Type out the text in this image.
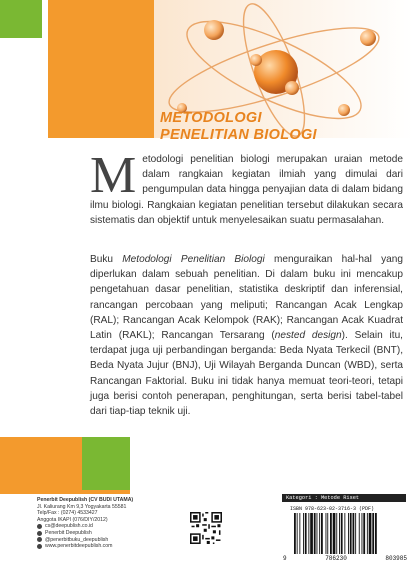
METODOLOGI
PENELITIAN BIOLOGI
Metodologi penelitian biologi merupakan uraian metode dalam rangkaian kegiatan ilmiah yang dimulai dari pengumpulan data hingga penyajian data di dalam bidang ilmu biologi. Rangkaian kegiatan penelitian tersebut dilakukan secara sistematis dan objektif untuk menyelesaikan suatu permasalahan.
Buku Metodologi Penelitian Biologi menguraikan hal-hal yang diperlukan dalam sebuah penelitian. Di dalam buku ini mencakup pengetahuan dasar penelitian, statistika deskriptif dan inferensial, rancangan percobaan yang meliputi; Rancangan Acak Lengkap (RAL); Rancangan Acak Kelompok (RAK); Rancangan Acak Kuadrat Latin (RAKL); Rancangan Tersarang (nested design). Selain itu, terdapat juga uji perbandingan berganda: Beda Nyata Terkecil (BNT), Beda Nyata Jujur (BNJ), Uji Wilayah Berganda Duncan (WBD), serta Rancangan Faktorial. Buku ini tidak hanya memuat teori-teori, tetapi juga berisi contoh penerapan, penghitungan, serta berisi tabel-tabel dari tiap-tiap teknik uji.
Penerbit Deepublish (CV BUDI UTAMA)
Jl. Kaliurang Km 9,3 Yogyakarta 55581
Telp/Fax : (0274) 4533427
Anggota IKAPI (076/DIY/2012)
cs@deepublish.co.id
Penerbit Deepublish
@penerbitbuku_deepublish
www.penerbitdeepublish.com
Kategori : Metode Riset
ISBN 978-623-02-3716-3 (PDF)
9	786230	803985
